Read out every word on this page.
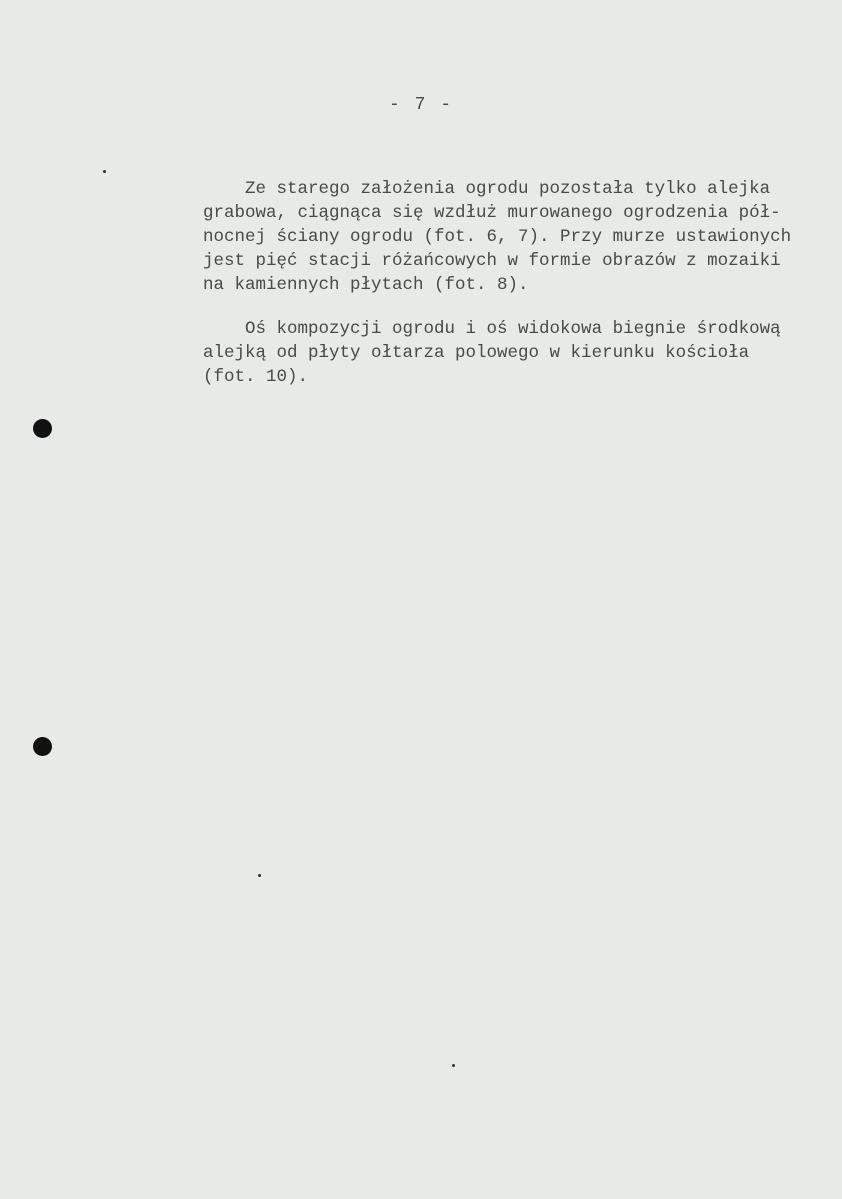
- 7 -
Ze starego założenia ogrodu pozostała tylko alejka
grabowa, ciągnąca się wzdłuż murowanego ogrodzenia pół-
nocnej ściany ogrodu (fot. 6, 7). Przy murze ustawionych
jest pięć stacji różańcowych w formie obrazów z mozaiki
na kamiennych płytach (fot. 8).
Oś kompozycji ogrodu i oś widokowa biegnie środkową
alejką od płyty ołtarza polowego w kierunku kościoła
(fot. 10).
